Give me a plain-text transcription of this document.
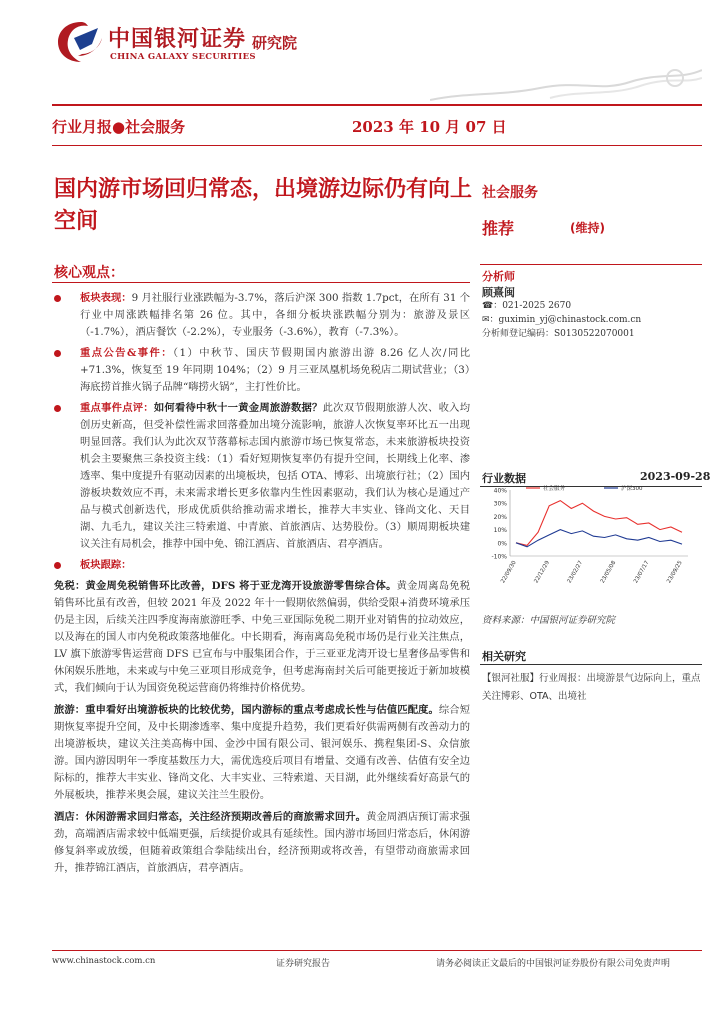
中国银河证券
CHINA GALAXY SECURITIES
研究院
行业月报●社会服务	2023 年 10 月 07 日
国内游市场回归常态，出境游边际仍有向上空间
社会服务
推荐	(维持)
核心观点：	分析师
顾熹闽
☎：021-2025 2670
✉：guximin_yj@chinastock.com.cn
分析师登记编码：S0130522070001
板块表现：9 月社服行业涨跌幅为-3.7%，落后沪深 300 指数 1.7pct，在所有 31 个行业中周涨跌幅排名第 26 位。其中，各细分板块涨跌幅分别为：旅游及景区（-1.7%），酒店餐饮（-2.2%），专业服务（-3.6%），教育（-7.3%）。
重点公告&事件：（1）中秋节、国庆节假期国内旅游出游 8.26 亿人次/同比+71.3%，恢复至 19 年同期 104%；（2）9 月三亚凤凰机场免税店二期试营业；（3）海底捞首推火锅子品牌“嗨捞火锅”，主打性价比。
重点事件点评：如何看待中秋十一黄金周旅游数据？此次双节假期旅游人次、收入均创历史新高，但受补偿性需求回落叠加出境分流影响，旅游人次恢复率环比五一出现明显回落。我们认为此次双节落幕标志国内旅游市场已恢复常态，未来旅游板块投资机会主要聚焦三条投资主线：（1）看好短期恢复率仍有提升空间，长期线上化率、渗透率、集中度提升有驱动因素的出境板块，包括 OTA、博彩、出境旅行社；（2）国内游板块数效应不再，未来需求增长更多依靠内生性因素驱动，我们认为核心是通过产品与模式创新迭代，形成优质供给推动需求增长，推荐大丰实业、锋尚文化、天目湖、九毛九，建议关注三特索道、中青旅、首旅酒店、达势股份。（3）顺周期板块建议关注有局机会，推荐中国中免、锦江酒店、首旅酒店、君亭酒店。
板块跟踪：
免税：黄金周免税销售环比改善，DFS 将于亚龙湾开设旅游零售综合体。黄金周离岛免税销售环比虽有改善，但较 2021 年及 2022 年十一假期依然偏弱，供给受限+消费环境承压仍是主因，后续关注四季度海南旅游旺季、中免三亚国际免税二期开业对销售的拉动效应，以及海在的国人市内免税政策落地催化。中长期看，海南离岛免税市场仍是行业关注焦点，LV 旗下旅游零售运营商 DFS 已宣布与中服集团合作，于三亚亚龙湾开设七星奢侈品零售和休闲娱乐胜地，未来或与中免三亚项目形成竞争，但考虑海南封关后可能更接近于新加坡模式，我们倾向于认为国资免税运营商仍将维持价格优势。
旅游：重申看好出境游板块的比较优势，国内游标的重点考虑成长性与估值匹配度。综合短期恢复率提升空间，及中长期渗透率、集中度提升趋势，我们更看好供需两侧有改善动力的出境游板块，建议关注美高梅中国、金沙中国有限公司、银河娱乐、携程集团-S、众信旅游。国内游因明年一季度基数压力大，需优选疫后项目有增量、交通有改善、估值有安全边际标的，推荐大丰实业、锋尚文化、大丰实业、三特索道、天目湖，此外继续看好高景气的外展板块，推荐米奥会展，建议关注兰生股份。
酒店：休闲游需求回归常态，关注经济预期改善后的商旅需求回升。黄金周酒店预订需求强劲，高端酒店需求较中低端更强，后续提价或具有延续性。国内游市场回归常态后，休闲游修复斜率或放缓，但随着政策组合拳陆续出台，经济预期或将改善，有望带动商旅需求回升，推荐锦江酒店，首旅酒店，君亭酒店。
行业数据	2023-09-28
40%
30%
20%
10%
0%
-10%
22/09/30	22/12/29	23/02/27	23/05/08	23/07/17	23/09/25
社会服务	沪深300
资料来源：中国银河证券研究院
相关研究
【银河社服】行业周报：出境游景气边际向上，重点关注博彩、OTA、出境社
www.chinastock.com.cn	证券研究报告	请务必阅读正文最后的中国银河证券股份有限公司免责声明
